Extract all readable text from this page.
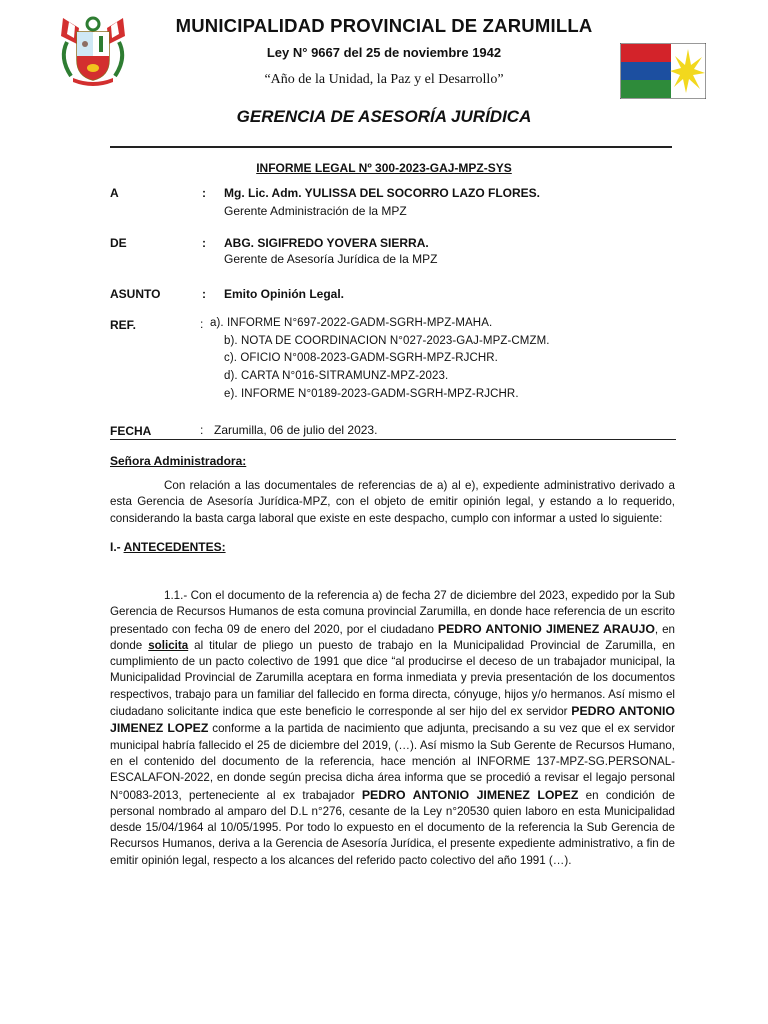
MUNICIPALIDAD PROVINCIAL DE ZARUMILLA
Ley N° 9667 del 25 de noviembre 1942
“Año de la Unidad, la Paz y el Desarrollo”
GERENCIA DE ASESORÍA JURÍDICA
INFORME LEGAL Nº 300-2023-GAJ-MPZ-SYS
A	: Mg. Lic. Adm. YULISSA DEL SOCORRO LAZO FLORES.
Gerente Administración de la MPZ
DE	: ABG. SIGIFREDO YOVERA SIERRA.
Gerente de Asesoría Jurídica de la MPZ
ASUNTO	: Emito Opinión Legal.
REF.	: a). INFORME N°697-2022-GADM-SGRH-MPZ-MAHA.
b). NOTA DE COORDINACION N°027-2023-GAJ-MPZ-CMZM.
c). OFICIO N°008-2023-GADM-SGRH-MPZ-RJCHR.
d). CARTA N°016-SITRAMUNZ-MPZ-2023.
e). INFORME N°0189-2023-GADM-SGRH-MPZ-RJCHR.
FECHA	: Zarumilla, 06 de julio del 2023.
Señora Administradora:
Con relación a las documentales de referencias de a) al e), expediente administrativo derivado a esta Gerencia de Asesoría Jurídica-MPZ, con el objeto de emitir opinión legal, y estando a lo requerido, considerando la basta carga laboral que existe en este despacho, cumplo con informar a usted lo siguiente:
I.- ANTECEDENTES:
1.1.- Con el documento de la referencia a) de fecha 27 de diciembre del 2023, expedido por la Sub Gerencia de Recursos Humanos de esta comuna provincial Zarumilla, en donde hace referencia de un escrito presentado con fecha 09 de enero del 2020, por el ciudadano PEDRO ANTONIO JIMENEZ ARAUJO, en donde solicita al titular de pliego un puesto de trabajo en la Municipalidad Provincial de Zarumilla, en cumplimiento de un pacto colectivo de 1991 que dice “al producirse el deceso de un trabajador municipal, la Municipalidad Provincial de Zarumilla aceptara en forma inmediata y previa presentación de los documentos respectivos, trabajo para un familiar del fallecido en forma directa, cónyuge, hijos y/o hermanos. Así mismo el ciudadano solicitante indica que este beneficio le corresponde al ser hijo del ex servidor PEDRO ANTONIO JIMENEZ LOPEZ conforme a la partida de nacimiento que adjunta, precisando a su vez que el ex servidor municipal habría fallecido el 25 de diciembre del 2019, (…). Así mismo la Sub Gerente de Recursos Humano, en el contenido del documento de la referencia, hace mención al INFORME 137-MPZ-SG.PERSONAL-ESCALAFON-2022, en donde según precisa dicha área informa que se procedió a revisar el legajo personal N°0083-2013, perteneciente al ex trabajador PEDRO ANTONIO JIMENEZ LOPEZ en condición de personal nombrado al amparo del D.L n°276, cesante de la Ley n°20530 quien laboro en esta Municipalidad desde 15/04/1964 al 10/05/1995. Por todo lo expuesto en el documento de la referencia la Sub Gerencia de Recursos Humanos, deriva a la Gerencia de Asesoría Jurídica, el presente expediente administrativo, a fin de emitir opinión legal, respecto a los alcances del referido pacto colectivo del año 1991 (…).
